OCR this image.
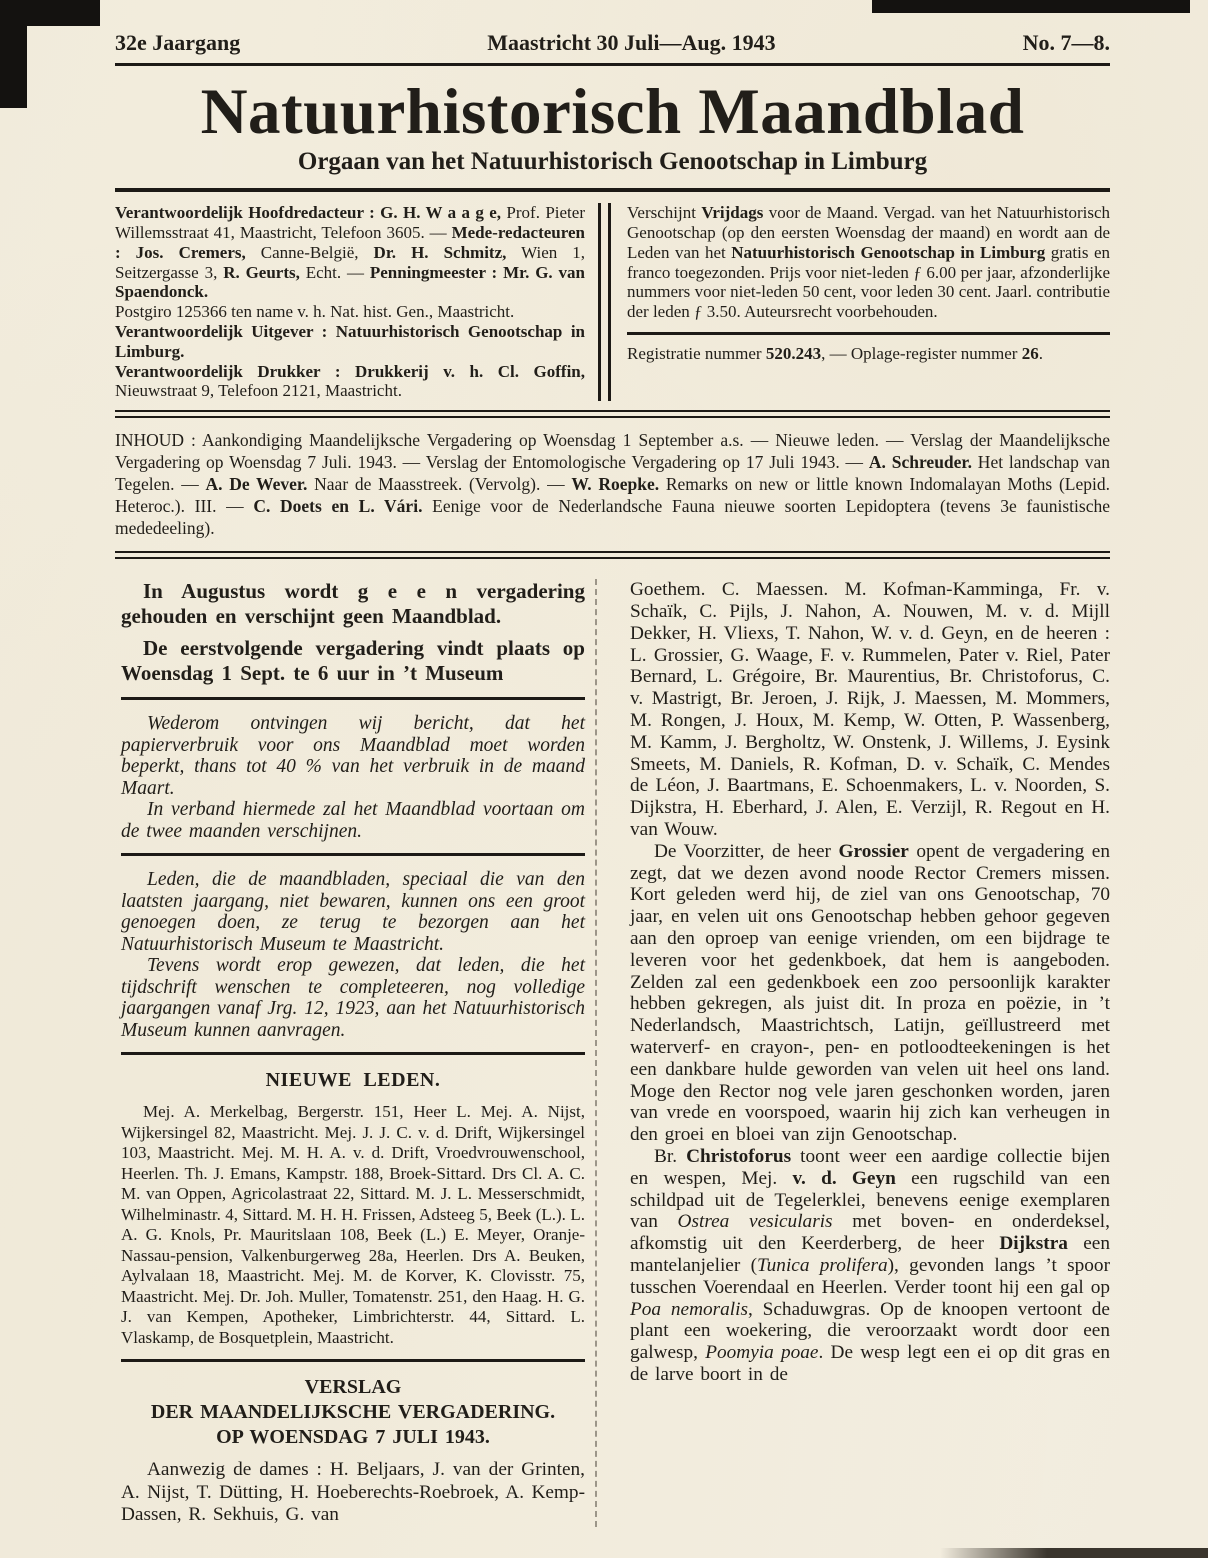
32e Jaargang	Maastricht 30 Juli—Aug. 1943	No. 7—8.
Natuurhistorisch Maandblad
Orgaan van het Natuurhistorisch Genootschap in Limburg

Verantwoordelijk Hoofdredacteur : G. H. W a a g e, Prof. Pieter Willemsstraat 41, Maastricht, Telefoon 3605. — Mede-redacteuren : Jos. Cremers, Canne-België, Dr. H. Schmitz, Wien 1, Seitzergasse 3, R. Geurts, Echt. — Penningmeester : Mr. G. van Spaendonck.

Postgiro 125366 ten name v. h. Nat. hist. Gen., Maastricht.

Verantwoordelijk Uitgever : Natuurhistorisch Genootschap in Limburg.

Verantwoordelijk Drukker : Drukkerij v. h. Cl. Goffin, Nieuwstraat 9, Telefoon 2121, Maastricht.

Verschijnt Vrijdags voor de Maand. Vergad. van het Natuurhistorisch Genootschap (op den eersten Woensdag der maand) en wordt aan de Leden van het Natuurhistorisch Genootschap in Limburg gratis en franco toegezonden. Prijs voor niet-leden ƒ 6.00 per jaar, afzonderlijke nummers voor niet-leden 50 cent, voor leden 30 cent. Jaarl. contributie der leden ƒ 3.50. Auteursrecht voorbehouden.

Registratie nummer 520.243, — Oplage-register nummer 26.

INHOUD : Aankondiging Maandelijksche Vergadering op Woensdag 1 September a.s. — Nieuwe leden. — Verslag der Maandelijksche Vergadering op Woensdag 7 Juli. 1943. — Verslag der Entomologische Vergadering op 17 Juli 1943. — A. Schreuder. Het landschap van Tegelen. — A. De Wever. Naar de Maasstreek. (Vervolg). — W. Roepke. Remarks on new or little known Indomalayan Moths (Lepid. Heteroc.). III. — C. Doets en L. Vári. Eenige voor de Nederlandsche Fauna nieuwe soorten Lepidoptera (tevens 3e faunistische mededeeling).

In Augustus wordt g e e n vergadering gehouden en verschijnt geen Maandblad.

De eerstvolgende vergadering vindt plaats op Woensdag 1 Sept. te 6 uur in ’t Museum

Wederom ontvingen wij bericht, dat het papierverbruik voor ons Maandblad moet worden beperkt, thans tot 40 % van het verbruik in de maand Maart.

In verband hiermede zal het Maandblad voortaan om de twee maanden verschijnen.

Leden, die de maandbladen, speciaal die van den laatsten jaargang, niet bewaren, kunnen ons een groot genoegen doen, ze terug te bezorgen aan het Natuurhistorisch Museum te Maastricht.

Tevens wordt erop gewezen, dat leden, die het tijdschrift wenschen te completeeren, nog volledige jaargangen vanaf Jrg. 12, 1923, aan het Natuurhistorisch Museum kunnen aanvragen.

NIEUWE LEDEN.

Mej. A. Merkelbag, Bergerstr. 151, Heer L. Mej. A. Nijst, Wijkersingel 82, Maastricht. Mej. J. J. C. v. d. Drift, Wijkersingel 103, Maastricht. Mej. M. H. A. v. d. Drift, Vroedvrouwenschool, Heerlen. Th. J. Emans, Kampstr. 188, Broek-Sittard. Drs Cl. A. C. M. van Oppen, Agricolastraat 22, Sittard. M. J. L. Messerschmidt, Wilhelminastr. 4, Sittard. M. H. H. Frissen, Adsteeg 5, Beek (L.). L. A. G. Knols, Pr. Mauritslaan 108, Beek (L.) E. Meyer, Oranje-Nassau-pension, Valkenburgerweg 28a, Heerlen. Drs A. Beuken, Aylvalaan 18, Maastricht. Mej. M. de Korver, K. Clovisstr. 75, Maastricht. Mej. Dr. Joh. Muller, Tomatenstr. 251, den Haag. H. G. J. van Kempen, Apotheker, Limbrichterstr. 44, Sittard. L. Vlaskamp, de Bosquetplein, Maastricht.

VERSLAG
DER MAANDELIJKSCHE VERGADERING.
OP WOENSDAG 7 JULI 1943.

Aanwezig de dames : H. Beljaars, J. van der Grinten, A. Nijst, T. Dütting, H. Hoeberechts-Roebroek, A. Kemp-Dassen, R. Sekhuis, G. van

Goethem. C. Maessen. M. Kofman-Kamminga, Fr. v. Schaïk, C. Pijls, J. Nahon, A. Nouwen, M. v. d. Mijll Dekker, H. Vliexs, T. Nahon, W. v. d. Geyn, en de heeren : L. Grossier, G. Waage, F. v. Rummelen, Pater v. Riel, Pater Bernard, L. Grégoire, Br. Maurentius, Br. Christoforus, C. v. Mastrigt, Br. Jeroen, J. Rijk, J. Maessen, M. Mommers, M. Rongen, J. Houx, M. Kemp, W. Otten, P. Wassenberg, M. Kamm, J. Bergholtz, W. Onstenk, J. Willems, J. Eysink Smeets, M. Daniels, R. Kofman, D. v. Schaïk, C. Mendes de Léon, J. Baartmans, E. Schoenmakers, L. v. Noorden, S. Dijkstra, H. Eberhard, J. Alen, E. Verzijl, R. Regout en H. van Wouw.

De Voorzitter, de heer Grossier opent de vergadering en zegt, dat we dezen avond noode Rector Cremers missen. Kort geleden werd hij, de ziel van ons Genootschap, 70 jaar, en velen uit ons Genootschap hebben gehoor gegeven aan den oproep van eenige vrienden, om een bijdrage te leveren voor het gedenkboek, dat hem is aangeboden. Zelden zal een gedenkboek een zoo persoonlijk karakter hebben gekregen, als juist dit. In proza en poëzie, in ’t Nederlandsch, Maastrichtsch, Latijn, geïllustreerd met waterverf- en crayon-, pen- en potloodteekeningen is het een dankbare hulde geworden van velen uit heel ons land. Moge den Rector nog vele jaren geschonken worden, jaren van vrede en voorspoed, waarin hij zich kan verheugen in den groei en bloei van zijn Genootschap.

Br. Christoforus toont weer een aardige collectie bijen en wespen, Mej. v. d. Geyn een rugschild van een schildpad uit de Tegelerklei, benevens eenige exemplaren van Ostrea vesicularis met boven- en onderdeksel, afkomstig uit den Keerderberg, de heer Dijkstra een mantelanjelier (Tunica prolifera), gevonden langs ’t spoor tusschen Voerendaal en Heerlen. Verder toont hij een gal op Poa nemoralis, Schaduwgras. Op de knoopen vertoont de plant een woekering, die veroorzaakt wordt door een galwesp, Poomyia poae. De wesp legt een ei op dit gras en de larve boort in de
